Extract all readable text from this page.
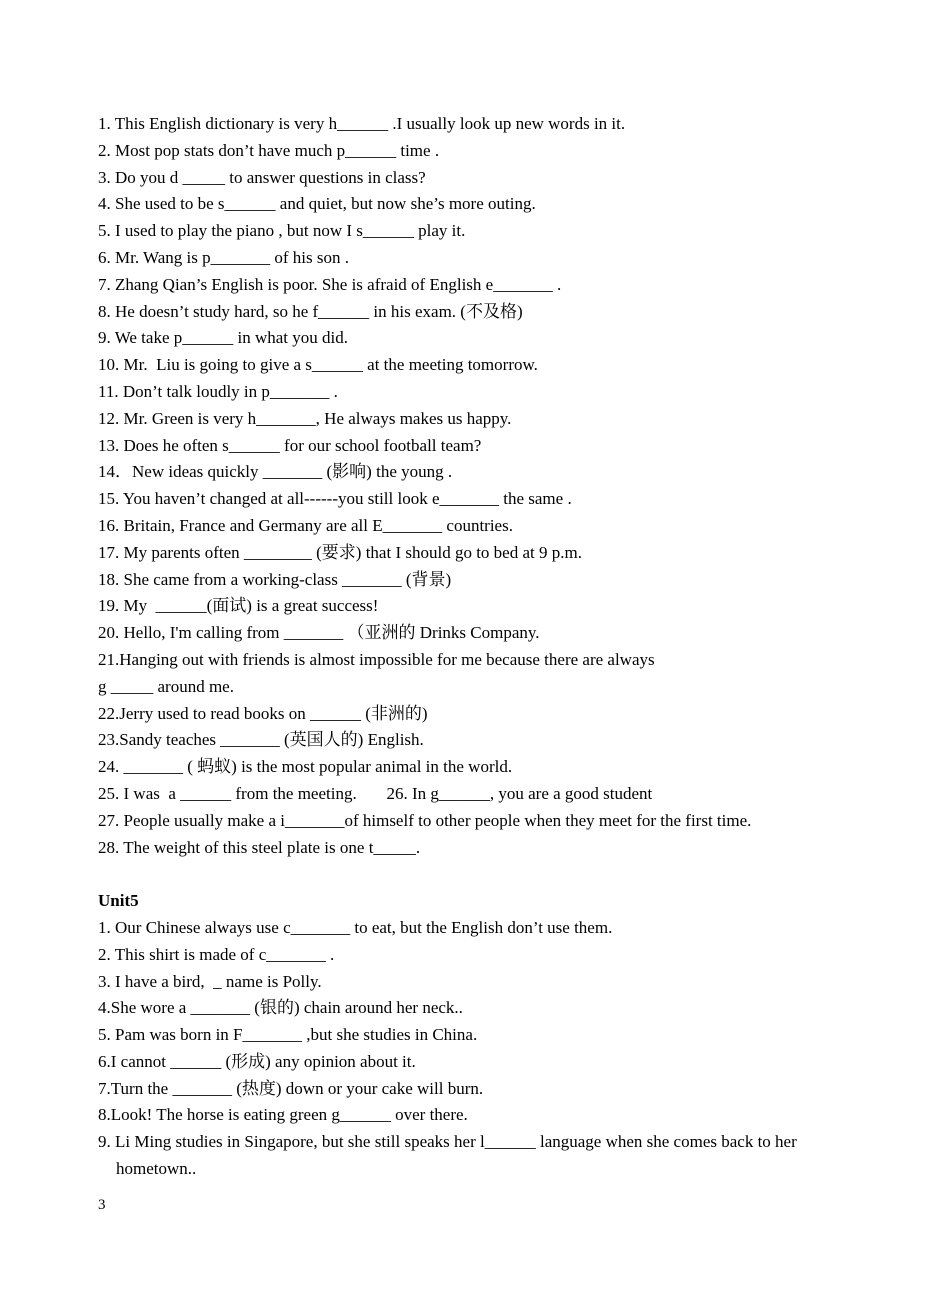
1. This English dictionary is very h______ .I usually look up new words in it.
2. Most pop stats don’t have much p______ time .
3. Do you d _____ to answer questions in class?
4. She used to be s______ and quiet, but now she’s more outing.
5. I used to play the piano , but now I s______ play it.
6. Mr. Wang is p_______ of his son .
7. Zhang Qian’s English is poor. She is afraid of English e_______ .
8. He doesn’t study hard, so he f______ in his exam. (不及格)
9. We take p______ in what you did.
10. Mr.  Liu is going to give a s______ at the meeting tomorrow.
11. Don’t talk loudly in p_______ .
12. Mr. Green is very h_______, He always makes us happy.
13. Does he often s______ for our school football team?
14．New ideas quickly _______ (影响) the young .
15. You haven’t changed at all------you still look e_______ the same .
16. Britain, France and Germany are all E_______ countries.
17. My parents often ________ (要求) that I should go to bed at 9 p.m.
18. She came from a working-class _______ (背景)
19. My  ______(面试) is a great success!
20. Hello, I'm calling from _______ （亚洲的 Drinks Company.
21.Hanging out with friends is almost impossible for me because there are always
g _____ around me.
22.Jerry used to read books on ______ (非洲的)
23.Sandy teaches _______ (英国人的) English.
24. _______ ( 蚂蚁) is the most popular animal in the world.
25. I was  a ______ from the meeting.       26. In g______, you are a good student
27. People usually make a i_______of himself to other people when they meet for the first time.
28. The weight of this steel plate is one t_____.
Unit5
1. Our Chinese always use c_______ to eat, but the English don’t use them.
2. This shirt is made of c_______ .
3. I have a bird,  _ name is Polly.
4.She wore a _______ (银的) chain around her neck..
5. Pam was born in F_______ ,but she studies in China.
6.I cannot ______ (形成) any opinion about it.
7.Turn the _______ (热度) down or your cake will burn.
8.Look! The horse is eating green g______ over there.
9. Li Ming studies in Singapore, but she still speaks her l______ language when she comes back to her hometown..
3
